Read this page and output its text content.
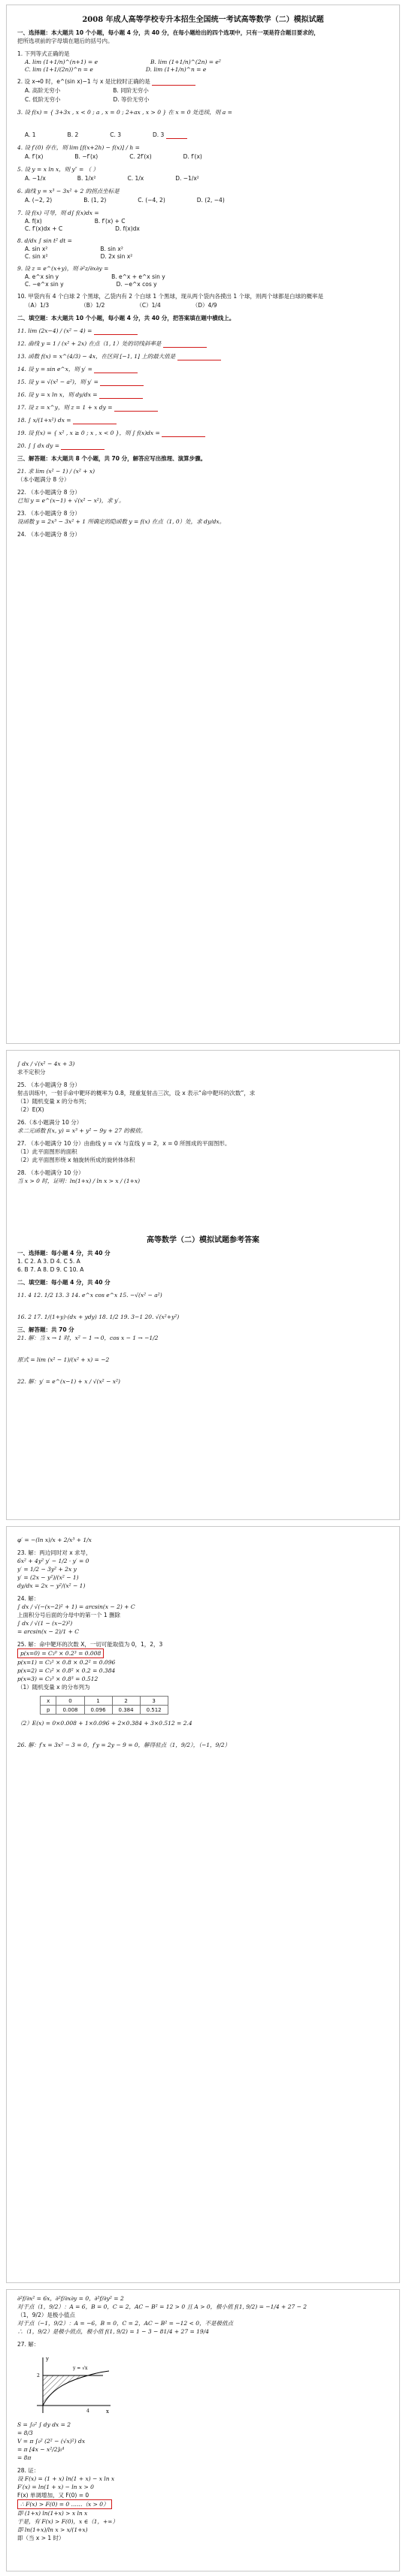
2008 年成人高等学校专升本招生全国统一考试高等数学（二）模拟试题
一、选择题：本大题共 10 个小题，每小题 4 分，共 40 分，在每小题给出的四个选项中，只有一项是符合题目要求的，
把所选项前的字母填在题后的括号内。
1. 下列等式正确的是
A. lim (1+1/n)^(n+1) = e	B. lim (1+1/n)^(2n) = e²
C. lim (1+1/(2n))^n = e	D. lim (1+1/n)^n = e
2. 设 x→0 时，e^(sin x)−1 与 x 是比较时正确的是
A. 高阶无穷小	B. 同阶无穷小
C. 低阶无穷小	D. 等价无穷小
3. 设 f(x) = { 3+3x , x < 0 ; a , x = 0 ; 2+ax , x > 0 } 在 x = 0 处连续，则 a =
A. 1	B. 2	C. 3	D. 3
4. 设 f′(0) 存在，则 lim [f(x+2h) − f(x)] / h =
A. f′(x)	B. −f′(x)	C. 2f′(x)	D. f′(x)
5. 设 y = x ln x，则 y″ = （ ）
A. −1/x	B. 1/x²	C. 1/x	D. −1/x²
6. 曲线 y = x³ − 3x² + 2 的拐点坐标是
A. (−2, 2)	B. (1, 2)	C. (−4, 2)	D. (2, −4)
7. 设 f(x) 可导，则 d∫ f(x)dx =
A. f(x)	B. f′(x) + C
C. f′(x)dx + C	D. f(x)dx
8. d/dx ∫ sin t² dt =
A. sin x²	B. sin x²
C. sin x²	D. 2x sin x²
9. 设 z = e^(x+y)，则 ∂²z/∂x∂y =
A. e^x sin y	B. e^x + e^x sin y
C. −e^x sin y	D. −e^x cos y
10. 甲袋内有 4 个白球 2 个黑球，乙袋内有 2 个白球 1 个黑球，现从两个袋内各摸出 1 个球，则两个球都是白球的概率是
（A）1/3	（B）1/2	（C）1/4	（D）4/9
二、填空题：本大题共 10 个小题，每小题 4 分，共 40 分，把答案填在题中横线上。
11. lim (2x−4) / (x² − 4) =
12. 曲线 y = 1 / (x² + 2x) 在点（1, 1）处的切线斜率是
13. 函数 f(x) = x^(4/3) − 4x，在区间 [−1, 1] 上的最大值是
14. 设 y = sin e^x，则 y′ =
15. 设 y = √(x² − a²)，则 y′ =
16. 设 y = x ln x，则 dy/dx =
17. 设 z = x^y，则 z = 1 + x dy =
18. ∫ x/(1+x²) dx =
19. 设 f(x) = { x² , x ≥ 0 ; x , x < 0 }，则 ∫ f(x)dx =
20. ∫ ∫ dx dy =
三、解答题：本大题共 8 个小题，共 70 分，解答应写出推理、演算步骤。
21. 求 lim (x² − 1) / (x² + x)
（本小题满分 8 分）
22. （本小题满分 8 分）
已知 y = e^(x−1) + √(x² − x²)，求 y′。
23. （本小题满分 8 分）
设函数 y = 2x³ − 3x² + 1 所确定的隐函数 y = f(x) 在点（1, 0）处，求 dy/dx。
24. （本小题满分 8 分）
∫ dx / √(x² − 4x + 3)
求不定积分
25. （本小题满分 8 分）
射击训练中，一射手命中靶环的概率为 0.8，现重复射击三次，设 x 表示“命中靶环的次数”，求
（1）随机变量 x 的分布列；
（2）E(X)
26.（本小题满分 10 分）
求二元函数 f(x, y) = x³ + y² − 9y + 27 的极值。
27. （本小题满分 10 分）由曲线 y = √x 与直线 y = 2，x = 0 所围成的平面图形。
（1）此平面图形的面积
（2）此平面图形绕 x 轴旋转所成的旋转体体积
28. （本小题满分 10 分）
当 x > 0 时，证明：ln(1+x) / ln x > x / (1+x)
高等数学（二）模拟试题参考答案
一、选择题：每小题 4 分，共 40 分
1. C 2. A 3. D 4. C 5. A
6. B 7. A 8. D 9. C 10. A
二、填空题：每小题 4 分，共 40 分
11. 4 12. 1/2 13. 3 14. e^x cos e^x 15. −√(x² − a²)
16. 2 17. 1/(1+y)·(dx + ydy) 18. 1/2 19. 3−1 20. √(x²+y²)
三、解答题：共 70 分
21. 解：当 x → 1 时，x² − 1 → 0，cos x − 1 → −1/2
原式 = lim (x² − 1)/(x² + x) = −2
22. 解：y′ = e^(x−1) + x / √(x² − x²)
φ′ = −(ln x)/x + 2/x³ + 1/x
23. 解：两边同时对 x 求导，
6x² + 4y² y′ − 1/2 · y′ = 0
y′ = 1/2 − 3y² + 2x y
y′ = (2x − y²)/(x² − 1)
dy/dx = 2x − y²/(x² − 1)
24. 解：
∫ dx / √(−(x−2)² + 1) = arcsin(x − 2) + C
上面积分号后面的分母中的第一个 1 删除
∫ dx / √(1 − (x−2)²)
= arcsin(x − 2)/1 + C
25. 解：命中靶环的次数 X，一切可能取值为 0，1，2，3
p(x=0) = C₃⁰ × 0.2³ = 0.008
p(x=1) = C₃¹ × 0.8 × 0.2² = 0.096
p(x=2) = C₃² × 0.8² × 0.2 = 0.384
p(x=3) = C₃³ × 0.8³ = 0.512
（1）随机变量 x 的分布列为
x	0	1	2	3
p	0.008	0.096	0.384	0.512
（2）E(x) = 0×0.008 + 1×0.096 + 2×0.384 + 3×0.512 = 2.4
26. 解：f′x = 3x² − 3 = 0，f′y = 2y − 9 = 0，解得驻点（1，9/2），（−1，9/2）
∂²f/∂x² = 6x，∂²f/∂x∂y = 0，∂²f/∂y² = 2
对于点（1，9/2）：A = 6，B = 0，C = 2，AC − B² = 12 > 0 且 A > 0，极小值 f(1, 9/2) = −1/4 + 27 − 2
（1，9/2）是极小值点
对于点（−1，9/2）：A = −6，B = 0，C = 2，AC − B² = −12 < 0，不是极值点
∴（1，9/2）是极小值点，极小值 f(1, 9/2) = 1 − 3 − 81/4 + 27 = 19/4
27. 解：
y
x
2
4
y = √x
S = ∫₀² ∫ dy dx = 2
= 8/3
V = π ∫₀² (2² − (√x)²) dx
= π [4x − x²/2]₀⁴
= 8π
28. 证：
设 F(x) = (1 + x) ln(1 + x) − x ln x
F′(x) = ln(1 + x) − ln x > 0
F(x) 单调增加，又 F(0) = 0
∴ F(x) > F(0) = 0 ……（x > 0）
即 (1+x) ln(1+x) > x ln x
于是，有 F(x) > F(0)，x ∈（1，+∞）
即 ln(1+x)/ln x > x/(1+x)
即（当 x > 1 时）
